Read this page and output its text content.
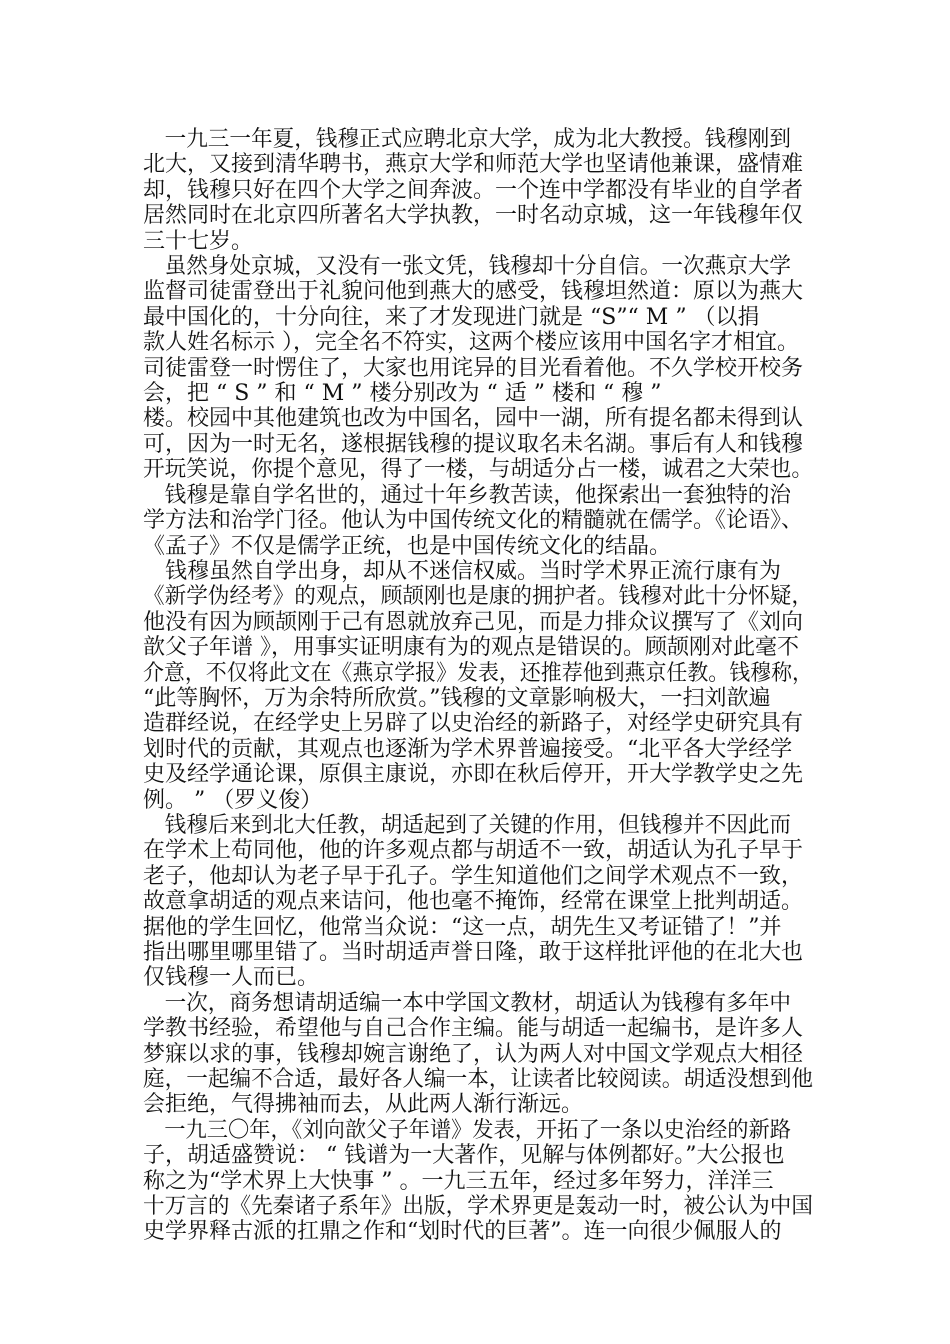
一九三一年夏，钱穆正式应聘北京大学，成为北大教授。钱穆刚到
北大，又接到清华聘书，燕京大学和师范大学也坚请他兼课，盛情难
却，钱穆只好在四个大学之间奔波。一个连中学都没有毕业的自学者
居然同时在北京四所著名大学执教，一时名动京城，这一年钱穆年仅
三十七岁。
虽然身处京城，又没有一张文凭，钱穆却十分自信。一次燕京大学
监督司徒雷登出于礼貌问他到燕大的感受，钱穆坦然道：原以为燕大
最中国化的，十分向往，来了才发现进门就是 “S”“ M ” （以捐
款人姓名标示 ），完全名不符实，这两个楼应该用中国名字才相宜。
司徒雷登一时愣住了，大家也用诧异的目光看着他。不久学校开校务
会，把 “ S ” 和 “ M ” 楼分别改为 “ 适 ” 楼和 “ 穆 ”
楼。校园中其他建筑也改为中国名，园中一湖，所有提名都未得到认
可，因为一时无名，遂根据钱穆的提议取名未名湖。事后有人和钱穆
开玩笑说，你提个意见，得了一楼，与胡适分占一楼，诚君之大荣也。
钱穆是靠自学名世的，通过十年乡教苦读，他探索出一套独特的治
学方法和治学门径。他认为中国传统文化的精髓就在儒学。《论语》、
《孟子》不仅是儒学正统，也是中国传统文化的结晶。
钱穆虽然自学出身，却从不迷信权威。当时学术界正流行康有为
《新学伪经考》的观点，顾颉刚也是康的拥护者。钱穆对此十分怀疑，
他没有因为顾颉刚于己有恩就放弃己见，而是力排众议撰写了《刘向
歆父子年谱 》，用事实证明康有为的观点是错误的。顾颉刚对此毫不
介意，不仅将此文在《燕京学报》发表，还推荐他到燕京任教。钱穆称，
“此等胸怀，万为余特所欣赏。”钱穆的文章影响极大，一扫刘歆遍
造群经说，在经学史上另辟了以史治经的新路子，对经学史研究具有
划时代的贡献，其观点也逐渐为学术界普遍接受。“北平各大学经学
史及经学通论课，原俱主康说，亦即在秋后停开，开大学教学史之先
例。 ” （罗义俊）
钱穆后来到北大任教，胡适起到了关键的作用，但钱穆并不因此而
在学术上苟同他，他的许多观点都与胡适不一致，胡适认为孔子早于
老子，他却认为老子早于孔子。学生知道他们之间学术观点不一致，
故意拿胡适的观点来诘问，他也毫不掩饰，经常在课堂上批判胡适。
据他的学生回忆，他常当众说：“这一点，胡先生又考证错了！”并
指出哪里哪里错了。当时胡适声誉日隆，敢于这样批评他的在北大也
仅钱穆一人而已。
一次，商务想请胡适编一本中学国文教材，胡适认为钱穆有多年中
学教书经验，希望他与自己合作主编。能与胡适一起编书，是许多人
梦寐以求的事，钱穆却婉言谢绝了，认为两人对中国文学观点大相径
庭，一起编不合适，最好各人编一本，让读者比较阅读。胡适没想到他
会拒绝，气得拂袖而去，从此两人渐行渐远。
一九三〇年，《刘向歆父子年谱》发表，开拓了一条以史治经的新路
子，胡适盛赞说： “ 钱谱为一大著作，见解与体例都好。”大公报也
称之为“学术界上大快事 ” 。一九三五年，经过多年努力，洋洋三
十万言的《先秦诸子系年》出版，学术界更是轰动一时，被公认为中国
史学界释古派的扛鼎之作和“划时代的巨著”。连一向很少佩服人的
